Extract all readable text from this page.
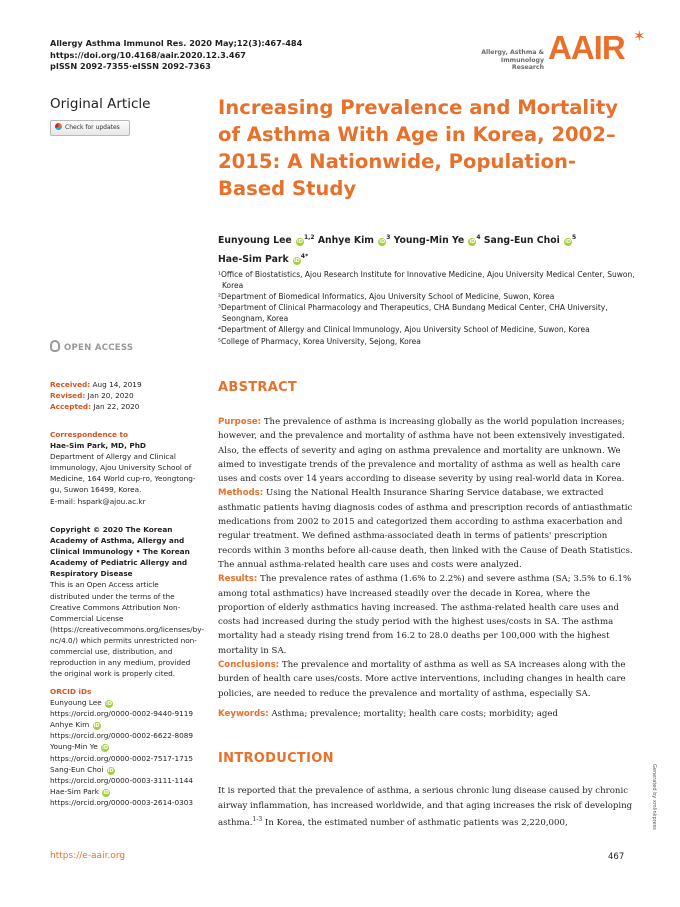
Allergy Asthma Immunol Res. 2020 May;12(3):467-484
https://doi.org/10.4168/aair.2020.12.3.467
pISSN 2092-7355·eISSN 2092-7363
Allergy, Asthma &
Immunology Research
AAIR ✶
Original Article
Check for updates
Increasing Prevalence and Mortality of Asthma With Age in Korea, 2002–2015: A Nationwide, Population-Based Study
Eunyoung Lee iD$^{1,2}$ Anhye Kim $iD^3$ Young-Min Ye $iD^4$ Sang-Eun Choi $iD^5$
Hae-Sim Park $iD^{4*}$
¹Office of Biostatistics, Ajou Research Institute for Innovative Medicine, Ajou University Medical Center, Suwon, Korea
²Department of Biomedical Informatics, Ajou University School of Medicine, Suwon, Korea
³Department of Clinical Pharmacology and Therapeutics, CHA Bundang Medical Center, CHA University, Seongnam, Korea
⁴Department of Allergy and Clinical Immunology, Ajou University School of Medicine, Suwon, Korea
⁵College of Pharmacy, Korea University, Sejong, Korea
OPEN ACCESS
Received: Aug 14, 2019
Revised: Jan 20, 2020
Accepted: Jan 22, 2020
Correspondence to
Hae-Sim Park, MD, PhD
Department of Allergy and Clinical Immunology, Ajou University School of Medicine, 164 World cup-ro, Yeongtong-gu, Suwon 16499, Korea.
E-mail: hspark@ajou.ac.kr
Copyright © 2020 The Korean Academy of Asthma, Allergy and Clinical Immunology • The Korean Academy of Pediatric Allergy and Respiratory Disease
This is an Open Access article distributed under the terms of the Creative Commons Attribution Non-Commercial License (https://creativecommons.org/licenses/by-nc/4.0/) which permits unrestricted non-commercial use, distribution, and reproduction in any medium, provided the original work is properly cited.
ORCID iDs
Eunyoung Lee iD
https://orcid.org/0000-0002-9440-9119
Anhye Kim iD
https://orcid.org/0000-0002-6622-8089
Young-Min Ye iD
https://orcid.org/0000-0002-7517-1715
Sang-Eun Choi iD
https://orcid.org/0000-0003-3111-1144
Hae-Sim Park iD
https://orcid.org/0000-0003-2614-0303
ABSTRACT
Purpose: The prevalence of asthma is increasing globally as the world population increases; however, and the prevalence and mortality of asthma have not been extensively investigated. Also, the effects of severity and aging on asthma prevalence and mortality are unknown. We aimed to investigate trends of the prevalence and mortality of asthma as well as health care uses and costs over 14 years according to disease severity by using real-world data in Korea.
Methods: Using the National Health Insurance Sharing Service database, we extracted asthmatic patients having diagnosis codes of asthma and prescription records of antiasthmatic medications from 2002 to 2015 and categorized them according to asthma exacerbation and regular treatment. We defined asthma-associated death in terms of patients' prescription records within 3 months before all-cause death, then linked with the Cause of Death Statistics. The annual asthma-related health care uses and costs were analyzed.
Results: The prevalence rates of asthma (1.6% to 2.2%) and severe asthma (SA; 3.5% to 6.1% among total asthmatics) have increased steadily over the decade in Korea, where the proportion of elderly asthmatics having increased. The asthma-related health care uses and costs had increased during the study period with the highest uses/costs in SA. The asthma mortality had a steady rising trend from 16.2 to 28.0 deaths per 100,000 with the highest mortality in SA.
Conclusions: The prevalence and mortality of asthma as well as SA increases along with the burden of health care uses/costs. More active interventions, including changes in health care policies, are needed to reduce the prevalence and mortality of asthma, especially SA.
Keywords: Asthma; prevalence; mortality; health care costs; morbidity; aged
INTRODUCTION
It is reported that the prevalence of asthma, a serious chronic lung disease caused by chronic airway inflammation, has increased worldwide, and that aging increases the risk of developing asthma.$^{1-3}$ In Korea, the estimated number of asthmatic patients was 2,220,000,
https://e-aair.org	467
Generated by xmlinkpress
